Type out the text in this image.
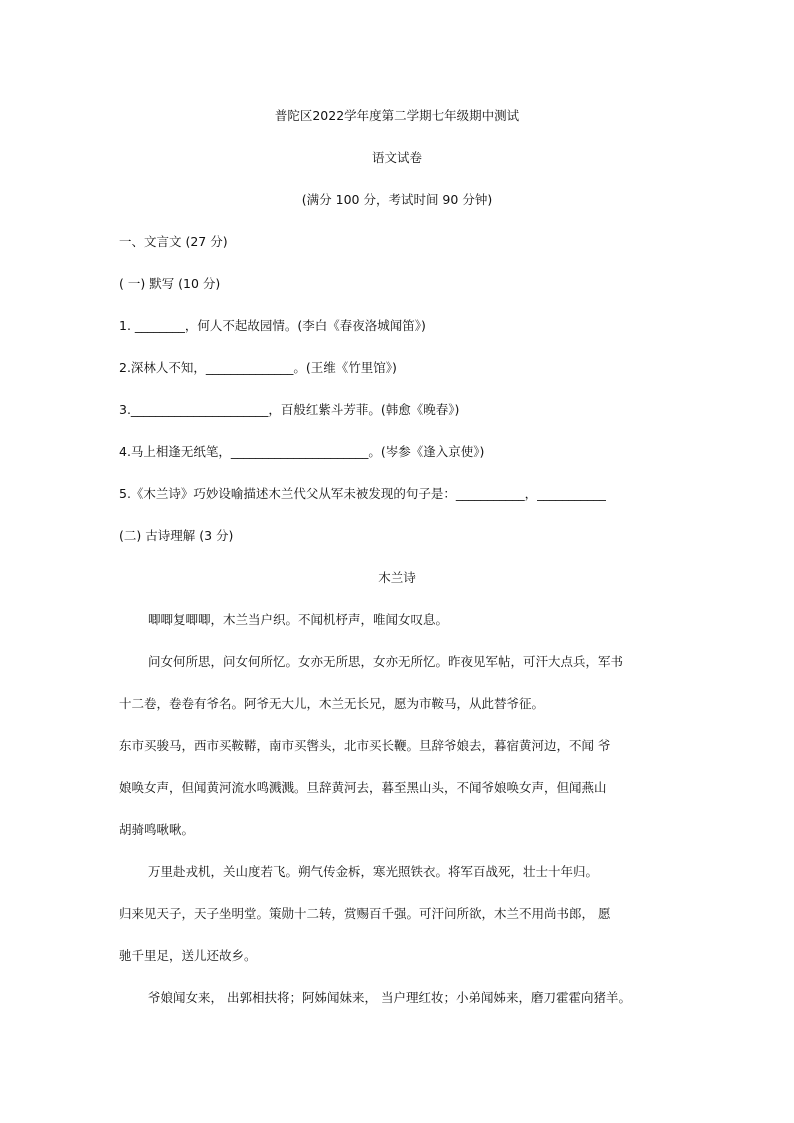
普陀区2022学年度第二学期七年级期中测试
语文试卷
(满分 100 分，考试时间 90 分钟)
一、文言文 (27 分)
( 一) 默写 (10 分)
1. ________，何人不起故园情。(李白《春夜洛城闻笛》)
2.深林人不知，______________。(王维《竹里馆》)
3.______________________，百般红紫斗芳菲。(韩愈《晚春》)
4.马上相逢无纸笔，______________________。(岑参《逢入京使》)
5.《木兰诗》巧妙设喻描述木兰代父从军未被发现的句子是：___________，___________
(二) 古诗理解 (3 分)
木兰诗
唧唧复唧唧，木兰当户织。不闻机杼声，唯闻女叹息。
问女何所思，问女何所忆。女亦无所思，女亦无所忆。昨夜见军帖，可汗大点兵，军书
十二卷，卷卷有爷名。阿爷无大儿，木兰无长兄，愿为市鞍马，从此替爷征。
东市买骏马，西市买鞍鞯，南市买辔头，北市买长鞭。旦辞爷娘去，暮宿黄河边，不闻 爷
娘唤女声，但闻黄河流水鸣溅溅。旦辞黄河去，暮至黑山头，不闻爷娘唤女声，但闻燕山
胡骑鸣啾啾。
万里赴戎机，关山度若飞。朔气传金柝，寒光照铁衣。将军百战死，壮士十年归。
归来见天子，天子坐明堂。策勋十二转，赏赐百千强。可汗问所欲，木兰不用尚书郎， 愿
驰千里足，送儿还故乡。
爷娘闻女来， 出郭相扶将；阿姊闻妹来， 当户理红妆；小弟闻姊来，磨刀霍霍向猪羊。
